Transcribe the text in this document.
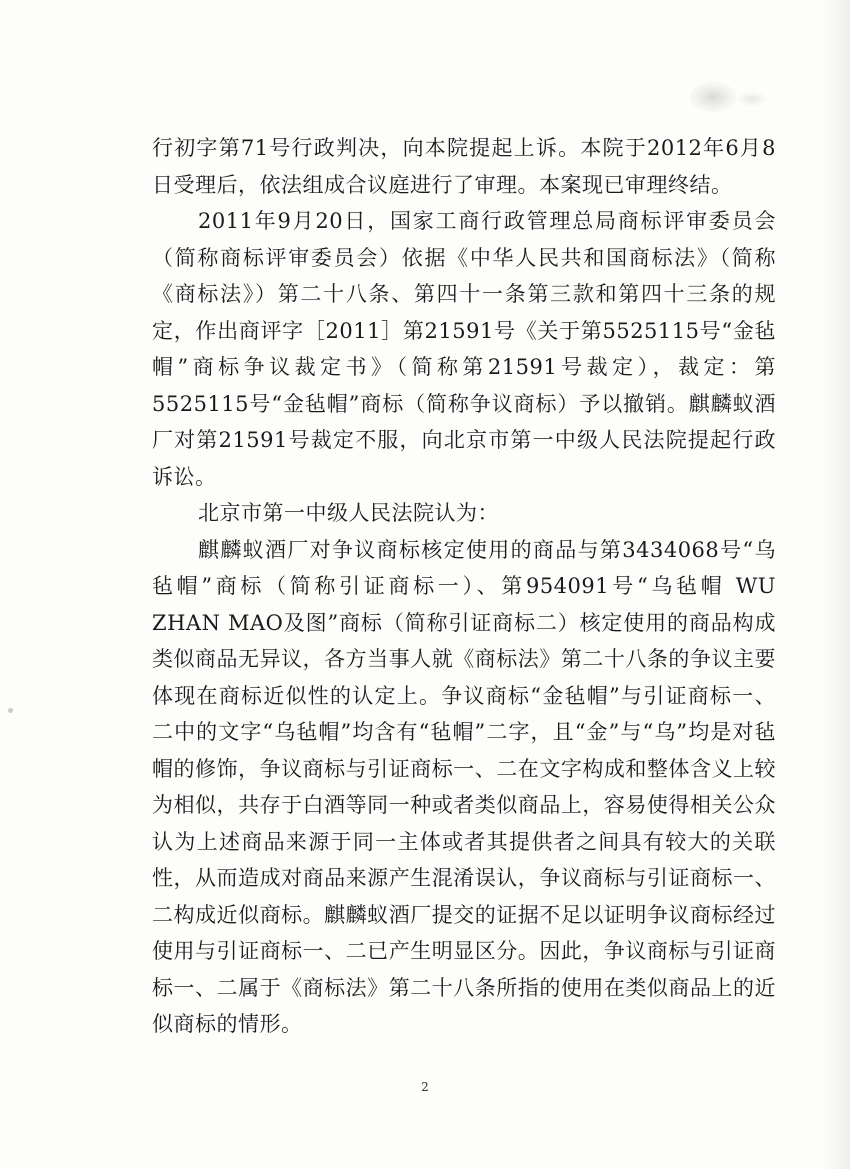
行初字第71号行政判决，向本院提起上诉。本院于2012年6月8日受理后，依法组成合议庭进行了审理。本案现已审理终结。

2011年9月20日，国家工商行政管理总局商标评审委员会（简称商标评审委员会）依据《中华人民共和国商标法》（简称《商标法》）第二十八条、第四十一条第三款和第四十三条的规定，作出商评字［2011］第21591号《关于第5525115号“金毡帽”商标争议裁定书》（简称第21591号裁定），裁定：第5525115号“金毡帽”商标（简称争议商标）予以撤销。麒麟蚁酒厂对第21591号裁定不服，向北京市第一中级人民法院提起行政诉讼。

北京市第一中级人民法院认为：

麒麟蚁酒厂对争议商标核定使用的商品与第3434068号“乌毡帽”商标（简称引证商标一）、第954091号“乌毡帽 WU ZHAN MAO及图”商标（简称引证商标二）核定使用的商品构成类似商品无异议，各方当事人就《商标法》第二十八条的争议主要体现在商标近似性的认定上。争议商标“金毡帽”与引证商标一、二中的文字“乌毡帽”均含有“毡帽”二字，且“金”与“乌”均是对毡帽的修饰，争议商标与引证商标一、二在文字构成和整体含义上较为相似，共存于白酒等同一种或者类似商品上，容易使得相关公众认为上述商品来源于同一主体或者其提供者之间具有较大的关联性，从而造成对商品来源产生混淆误认，争议商标与引证商标一、二构成近似商标。麒麟蚁酒厂提交的证据不足以证明争议商标经过使用与引证商标一、二已产生明显区分。因此，争议商标与引证商标一、二属于《商标法》第二十八条所指的使用在类似商品上的近似商标的情形。

2
